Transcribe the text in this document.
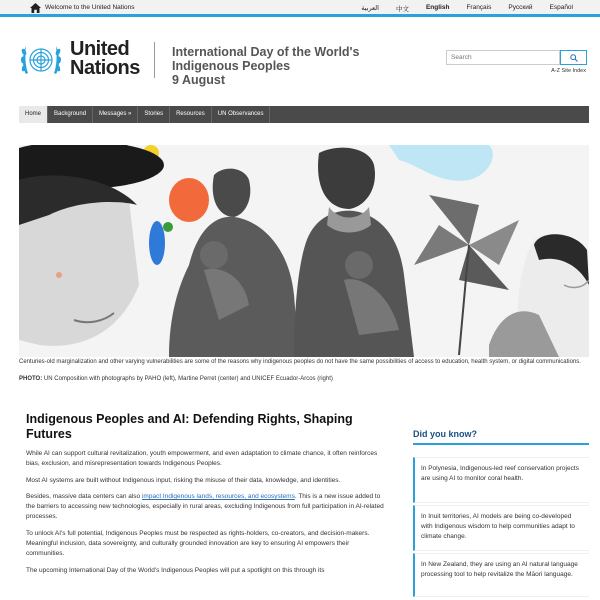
Welcome to the United Nations	العربية	中文	English	Français	Русский	Español
United
Nations
International Day of the World's
Indigenous Peoples
9 August
Search
A-Z Site Index
Home	Background	Messages »	Stories	Resources	UN Observances
Centuries-old marginalization and other varying vulnerabilities are some of the reasons why indigenous peoples do not have the same possibilities of access to education, health system, or digital communications.
PHOTO: UN Composition with photographs by PAHO (left), Martine Perret (center) and UNICEF Ecuador-Arcos (right)
Indigenous Peoples and AI: Defending Rights, Shaping Futures

While AI can support cultural revitalization, youth empowerment, and even adaptation to climate chance, it often reinforces bias, exclusion, and misrepresentation towards Indigenous Peoples.

Most AI systems are built without Indigenous input, risking the misuse of their data, knowledge, and identities.

Besides, massive data centers can also impact Indigenous lands, resources, and ecosystems. This is a new issue added to the barriers to accessing new technologies, especially in rural areas, excluding Indigenous from full participation in AI-related processes.

To unlock AI's full potential, Indigenous Peoples must be respected as rights-holders, co-creators, and decision-makers. Meaningful inclusion, data sovereignty, and culturally grounded innovation are key to ensuring AI empowers their communities.

The upcoming International Day of the World's Indigenous Peoples will put a spotlight on this through its

Did you know?
In Polynesia, Indigenous-led reef conservation projects are using AI to monitor coral health.
In Inuit territories, AI models are being co-developed with Indigenous wisdom to help communities adapt to climate change.
In New Zealand, they are using an AI natural language processing tool to help revitalize the Māori language.
